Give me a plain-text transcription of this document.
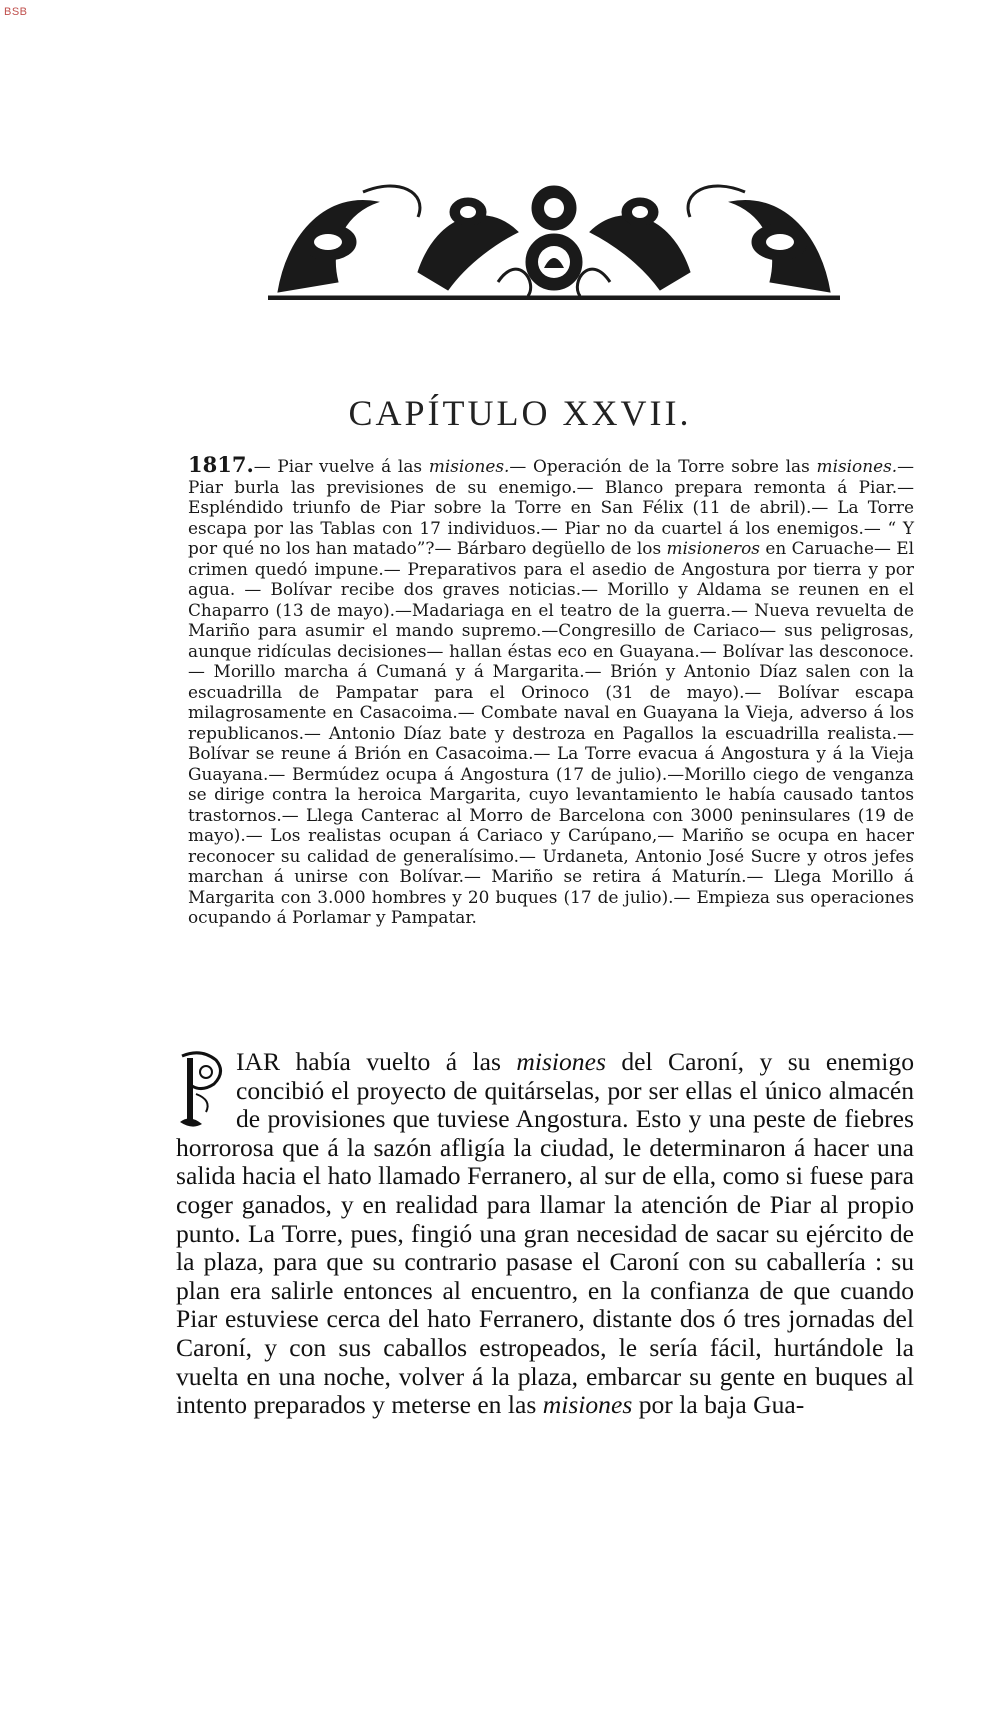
BSB
CAPÍTULO XXVII.
1817.— Piar vuelve á las misiones.— Operación de la Torre sobre las misiones.— Piar burla las previsiones de su enemigo.— Blanco prepara remonta á Piar.— Espléndido triunfo de Piar sobre la Torre en San Félix (11 de abril).— La Torre escapa por las Tablas con 17 individuos.— Piar no da cuartel á los enemigos.— “ Y por qué no los han matado”?— Bárbaro degüello de los misioneros en Caruache— El crimen quedó impune.— Preparativos para el asedio de Angostura por tierra y por agua. — Bolívar recibe dos graves noticias.— Morillo y Aldama se reunen en el Chaparro (13 de mayo).—Madariaga en el teatro de la guerra.— Nueva revuelta de Mariño para asumir el mando supremo.—Congresillo de Cariaco— sus peligrosas, aunque ridículas decisiones— hallan éstas eco en Guayana.— Bolívar las desconoce.— Morillo marcha á Cumaná y á Margarita.— Brión y Antonio Díaz salen con la escuadrilla de Pampatar para el Orinoco (31 de mayo).— Bolívar escapa milagrosamente en Casacoima.— Combate naval en Guayana la Vieja, adverso á los republicanos.— Antonio Díaz bate y destroza en Pagallos la escuadrilla realista.— Bolívar se reune á Brión en Casacoima.— La Torre evacua á Angostura y á la Vieja Guayana.— Bermúdez ocupa á Angostura (17 de julio).—Morillo ciego de venganza se dirige contra la heroica Margarita, cuyo levantamiento le había causado tantos trastornos.— Llega Canterac al Morro de Barcelona con 3000 peninsulares (19 de mayo).— Los realistas ocupan á Cariaco y Carúpano,— Mariño se ocupa en hacer reconocer su calidad de generalísimo.— Urdaneta, Antonio José Sucre y otros jefes marchan á unirse con Bolívar.— Mariño se retira á Maturín.— Llega Morillo á Margarita con 3.000 hombres y 20 buques (17 de julio).— Empieza sus operaciones ocupando á Porlamar y Pampatar.
IAR había vuelto á las misiones del Caroní, y su enemigo concibió el proyecto de quitárselas, por ser ellas el único almacén de provisiones que tuviese Angostura. Esto y una peste de fiebres horrorosa que á la sazón afligía la ciudad, le determinaron á hacer una salida hacia el hato llamado Ferranero, al sur de ella, como si fuese para coger ganados, y en realidad para llamar la atención de Piar al propio punto. La Torre, pues, fingió una gran necesidad de sacar su ejército de la plaza, para que su contrario pasase el Caroní con su caballería : su plan era salirle entonces al encuentro, en la confianza de que cuando Piar estuviese cerca del hato Ferranero, distante dos ó tres jornadas del Caroní, y con sus caballos estropeados, le sería fácil, hurtándole la vuelta en una noche, volver á la plaza, embarcar su gente en buques al intento preparados y meterse en las misiones por la baja Gua-
